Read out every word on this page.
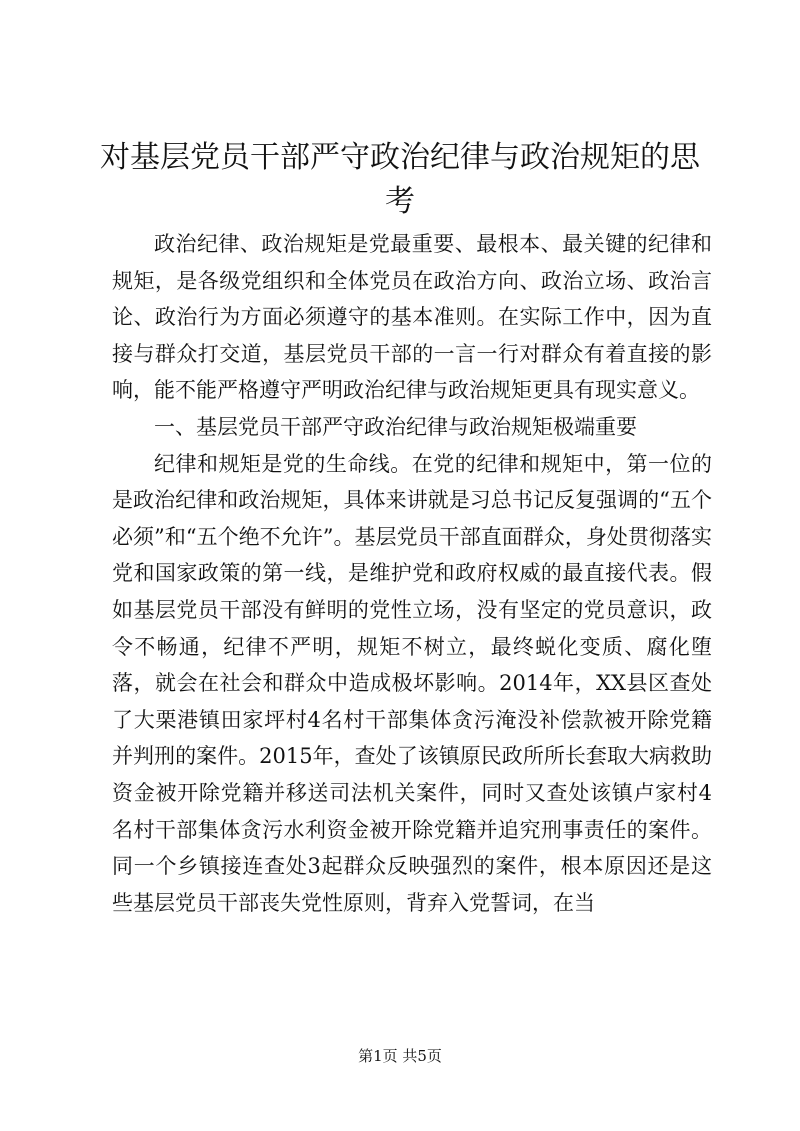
对基层党员干部严守政治纪律与政治规矩的思考

政治纪律、政治规矩是党最重要、最根本、最关键的纪律和规矩，是各级党组织和全体党员在政治方向、政治立场、政治言论、政治行为方面必须遵守的基本准则。在实际工作中，因为直接与群众打交道，基层党员干部的一言一行对群众有着直接的影响，能不能严格遵守严明政治纪律与政治规矩更具有现实意义。

一、基层党员干部严守政治纪律与政治规矩极端重要

纪律和规矩是党的生命线。在党的纪律和规矩中，第一位的是政治纪律和政治规矩，具体来讲就是习总书记反复强调的“五个必须”和“五个绝不允许”。基层党员干部直面群众，身处贯彻落实党和国家政策的第一线，是维护党和政府权威的最直接代表。假如基层党员干部没有鲜明的党性立场，没有坚定的党员意识，政令不畅通，纪律不严明，规矩不树立，最终蜕化变质、腐化堕落，就会在社会和群众中造成极坏影响。2014年，XX县区查处了大栗港镇田家坪村4名村干部集体贪污淹没补偿款被开除党籍并判刑的案件。2015年，查处了该镇原民政所所长套取大病救助资金被开除党籍并移送司法机关案件，同时又查处该镇卢家村4名村干部集体贪污水利资金被开除党籍并追究刑事责任的案件。同一个乡镇接连查处3起群众反映强烈的案件，根本原因还是这些基层党员干部丧失党性原则，背弃入党誓词，在当

第1页 共5页
